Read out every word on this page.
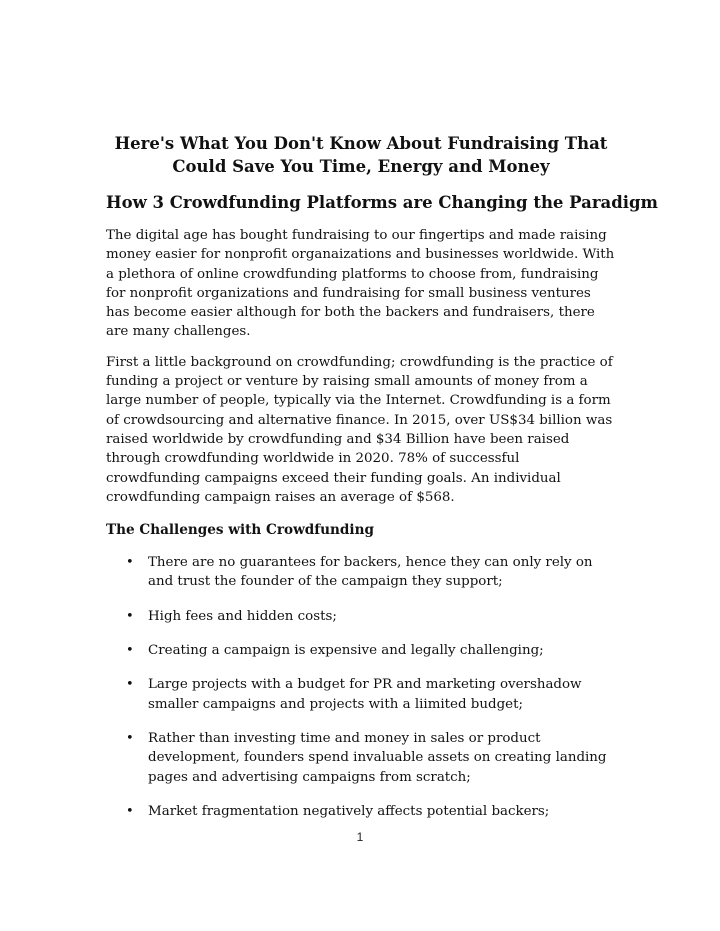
Here's What You Don't Know About Fundraising That Could Save You Time, Energy and Money
How 3 Crowdfunding Platforms are Changing the Paradigm

The digital age has bought fundraising to our fingertips and made raising money easier for nonprofit organaizations and businesses worldwide. With a plethora of online crowdfunding platforms to choose from, fundraising for nonprofit organizations and fundraising for small business ventures has become easier although for both the backers and fundraisers, there are many challenges.

First a little background on crowdfunding; crowdfunding is the practice of funding a project or venture by raising small amounts of money from a large number of people, typically via the Internet. Crowdfunding is a form of crowdsourcing and alternative finance. In 2015, over US$34 billion was raised worldwide by crowdfunding and $34 Billion have been raised through crowdfunding worldwide in 2020. 78% of successful crowdfunding campaigns exceed their funding goals. An individual crowdfunding campaign raises an average of $568.

The Challenges with Crowdfunding
• There are no guarantees for backers, hence they can only rely on and trust the founder of the campaign they support;
• High fees and hidden costs;
• Creating a campaign is expensive and legally challenging;
• Large projects with a budget for PR and marketing overshadow smaller campaigns and projects with a liimited budget;
• Rather than investing time and money in sales or product development, founders spend invaluable assets on creating landing pages and advertising campaigns from scratch;
• Market fragmentation negatively affects potential backers;
1
